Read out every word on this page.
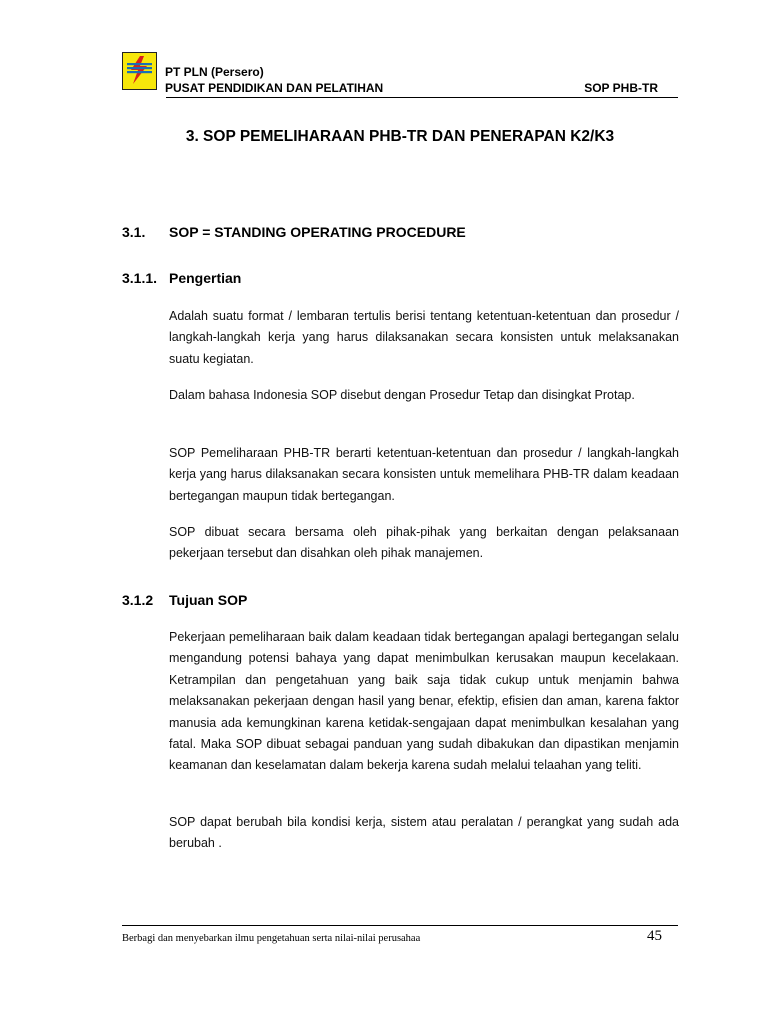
PT PLN (Persero)
PUSAT PENDIDIKAN DAN PELATIHAN	SOP PHB-TR
3. SOP PEMELIHARAAN PHB-TR DAN PENERAPAN K2/K3
3.1. SOP = STANDING OPERATING PROCEDURE
3.1.1. Pengertian

Adalah suatu format / lembaran tertulis berisi tentang ketentuan-ketentuan dan prosedur / langkah-langkah kerja yang harus dilaksanakan secara konsisten untuk melaksanakan suatu kegiatan.

Dalam bahasa Indonesia SOP disebut dengan Prosedur Tetap dan disingkat Protap.

SOP Pemeliharaan PHB-TR berarti ketentuan-ketentuan dan prosedur / langkah-langkah kerja yang harus dilaksanakan secara konsisten untuk memelihara PHB-TR dalam keadaan bertegangan maupun tidak bertegangan.

SOP dibuat secara bersama oleh pihak-pihak yang berkaitan dengan pelaksanaan pekerjaan tersebut dan disahkan oleh pihak manajemen.

3.1.2 Tujuan SOP

Pekerjaan pemeliharaan baik dalam keadaan tidak bertegangan apalagi bertegangan selalu mengandung potensi bahaya yang dapat menimbulkan kerusakan maupun kecelakaan. Ketrampilan dan pengetahuan yang baik saja tidak cukup untuk menjamin bahwa melaksanakan pekerjaan dengan hasil yang benar, efektip, efisien dan aman, karena faktor manusia ada kemungkinan karena ketidak-sengajaan dapat menimbulkan kesalahan yang fatal. Maka SOP dibuat sebagai panduan yang sudah dibakukan dan dipastikan menjamin keamanan dan keselamatan dalam bekerja karena sudah melalui telaahan yang teliti.

SOP dapat berubah bila kondisi kerja, sistem atau peralatan / perangkat yang sudah ada berubah .

Berbagi dan menyebarkan ilmu pengetahuan serta nilai-nilai perusahaa	45
